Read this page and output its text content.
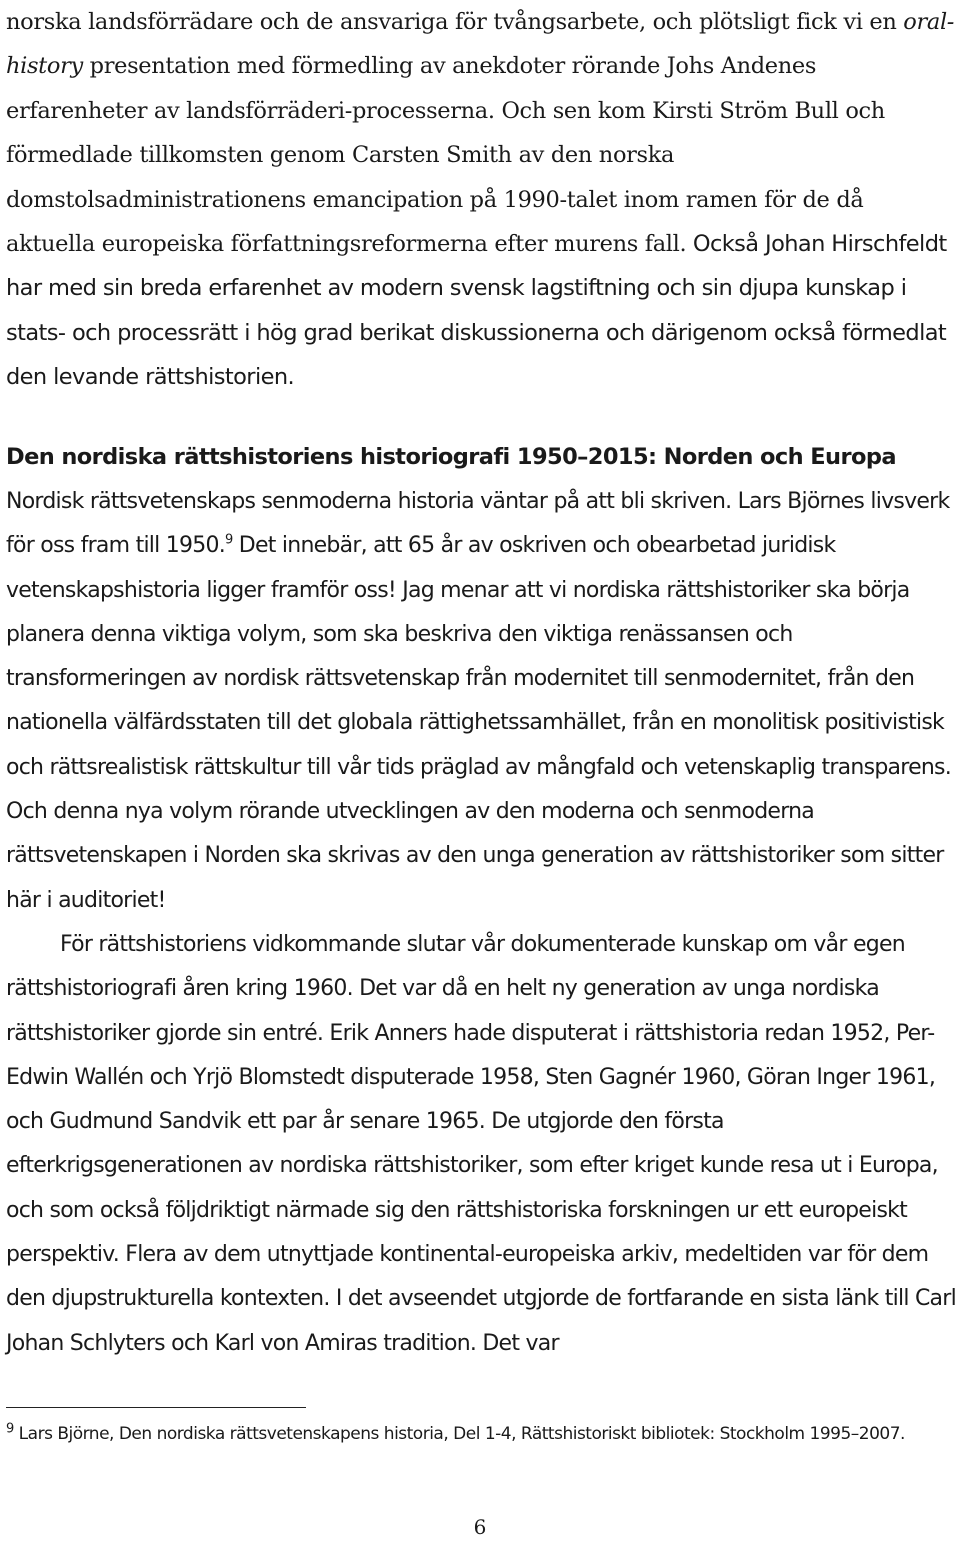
norska landsförrädare och de ansvariga för tvångsarbete, och plötsligt fick vi en oral-history presentation med förmedling av anekdoter rörande Johs Andenes erfarenheter av landsförräderi-processerna. Och sen kom Kirsti Ström Bull och förmedlade tillkomsten genom Carsten Smith av den norska domstolsadministrationens emancipation på 1990-talet inom ramen för de då aktuella europeiska författningsreformerna efter murens fall. Också Johan Hirschfeldt har med sin breda erfarenhet av modern svensk lagstiftning och sin djupa kunskap i stats- och processrätt i hög grad berikat diskussionerna och därigenom också förmedlat den levande rättshistorien.

Den nordiska rättshistoriens historiografi 1950–2015: Norden och Europa

Nordisk rättsvetenskaps senmoderna historia väntar på att bli skriven. Lars Björnes livsverk för oss fram till 1950.$^9$ Det innebär, att 65 år av oskriven och obearbetad juridisk vetenskapshistoria ligger framför oss! Jag menar att vi nordiska rättshistoriker ska börja planera denna viktiga volym, som ska beskriva den viktiga renässansen och transformeringen av nordisk rättsvetenskap från modernitet till senmodernitet, från den nationella välfärdsstaten till det globala rättighetssamhället, från en monolitisk positivistisk och rättsrealistisk rättskultur till vår tids präglad av mångfald och vetenskaplig transparens. Och denna nya volym rörande utvecklingen av den moderna och senmoderna rättsvetenskapen i Norden ska skrivas av den unga generation av rättshistoriker som sitter här i auditoriet!

För rättshistoriens vidkommande slutar vår dokumenterade kunskap om vår egen rättshistoriografi åren kring 1960. Det var då en helt ny generation av unga nordiska rättshistoriker gjorde sin entré. Erik Anners hade disputerat i rättshistoria redan 1952, Per-Edwin Wallén och Yrjö Blomstedt disputerade 1958, Sten Gagnér 1960, Göran Inger 1961, och Gudmund Sandvik ett par år senare 1965. De utgjorde den första efterkrigsgenerationen av nordiska rättshistoriker, som efter kriget kunde resa ut i Europa, och som också följdriktigt närmade sig den rättshistoriska forskningen ur ett europeiskt perspektiv. Flera av dem utnyttjade kontinental-europeiska arkiv, medeltiden var för dem den djupstrukturella kontexten. I det avseendet utgjorde de fortfarande en sista länk till Carl Johan Schlyters och Karl von Amiras tradition. Det var

$^9$ Lars Björne, Den nordiska rättsvetenskapens historia, Del 1-4, Rättshistoriskt bibliotek: Stockholm 1995–2007.

6
